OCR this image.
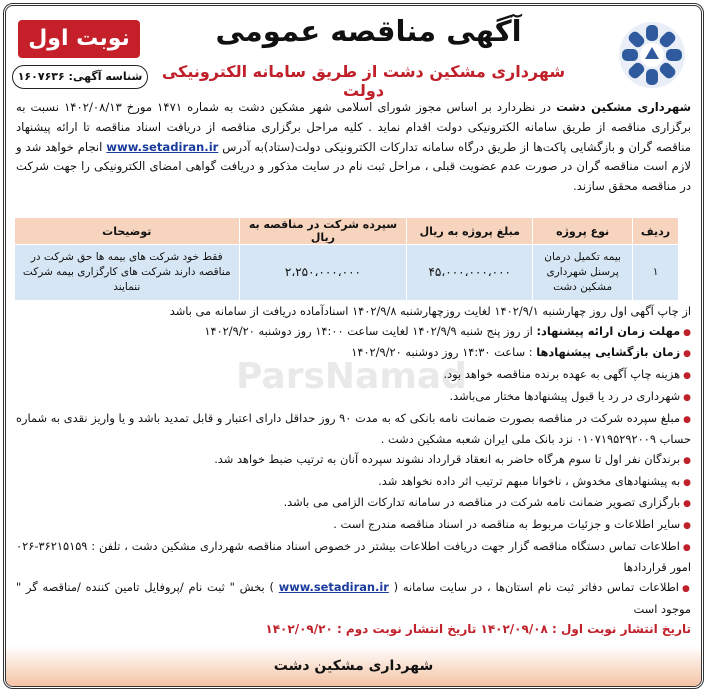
ParsNamad
آگهی مناقصه عمومی
شهرداری مشکین دشت از طریق سامانه الکترونیکی دولت
نوبت اول
شناسه آگهی: ۱۶۰۷۶۳۶
شهرداری مشکین دشت در نظردارد بر اساس مجوز شورای اسلامی شهر مشکین دشت به شماره ۱۴۷۱ مورخ ۱۴۰۲/۰۸/۱۳ نسبت به برگزاری مناقصه از طریق سامانه الکترونیکی دولت اقدام نماید . کلیه مراحل برگزاری مناقصه از دریافت اسناد مناقصه تا ارائه پیشنهاد مناقصه گران و بازگشایی پاکت‌ها از طریق درگاه سامانه تدارکات الکترونیکی دولت(ستاد)به آدرس www.setadiran.ir انجام خواهد شد و لازم است مناقصه گران در صورت عدم عضویت قبلی ، مراحل ثبت نام در سایت مذکور و دریافت گواهی امضای الکترونیکی را جهت شرکت در مناقصه محقق سازند.
ردیف	نوع پروژه	مبلغ پروژه به ریال	سپرده شرکت در مناقصه به ریال	توضیحات
۱	بیمه تکمیل درمان پرسنل شهرداری مشکین دشت	۴۵،۰۰۰،۰۰۰،۰۰۰	۲،۲۵۰،۰۰۰،۰۰۰	فقط خود شرکت های بیمه ها حق شرکت در مناقصه دارند شرکت های کارگزاری بیمه شرکت ننمایند

از چاپ آگهی اول روز چهارشنبه ۱۴۰۲/۹/۱ لغایت روزچهارشنبه ۱۴۰۲/۹/۸ اسنادآماده دریافت از سامانه می باشد

● مهلت زمان ارائه پیشنهاد: از روز پنج شنبه ۱۴۰۲/۹/۹ لغایت ساعت ۱۴:۰۰ روز دوشنبه ۱۴۰۲/۹/۲۰

● زمان بازگشایی پیشنهادها : ساعت ۱۴:۳۰ روز دوشنبه ۱۴۰۲/۹/۲۰

● هزینه چاپ آگهی به عهده برنده مناقصه خواهد بود.

● شهرداری در رد یا قبول پیشنهادها مختار می‌باشد.

● مبلغ سپرده شرکت در مناقصه بصورت ضمانت نامه بانکی که به مدت ۹۰ روز حداقل دارای اعتبار و قابل تمدید باشد و یا واریز نقدی به شماره حساب ۰۱۰۷۱۹۵۲۹۲۰۰۹ نزد بانک ملی ایران شعبه مشکین دشت .

● برندگان نفر اول تا سوم هرگاه حاضر به انعقاد قرارداد نشوند سپرده آنان به ترتیب ضبط خواهد شد.

● به پیشنهادهای مخدوش ، ناخوانا مبهم ترتیب اثر داده نخواهد شد.

● بارگزاری تصویر ضمانت نامه شرکت در مناقصه در سامانه تدارکات الزامی می باشد.

● سایر اطلاعات و جزئیات مربوط به مناقصه در اسناد مناقصه مندرج است .

● اطلاعات تماس دستگاه مناقصه گزار جهت دریافت اطلاعات بیشتر در خصوص اسناد مناقصه شهرداری مشکین دشت ، تلفن : ۳۶۲۱۵۱۵۹-۰۲۶ امور قراردادها

● اطلاعات تماس دفاتر ثبت نام استان‌ها ، در سایت سامانه ( www.setadiran.ir ) بخش " ثبت نام /پروفایل تامین کننده /مناقصه گر " موجود است

تاریخ انتشار نوبت اول : ۱۴۰۲/۰۹/۰۸ تاریخ انتشار نوبت دوم : ۱۴۰۲/۰۹/۲۰

شهرداری مشکین دشت
